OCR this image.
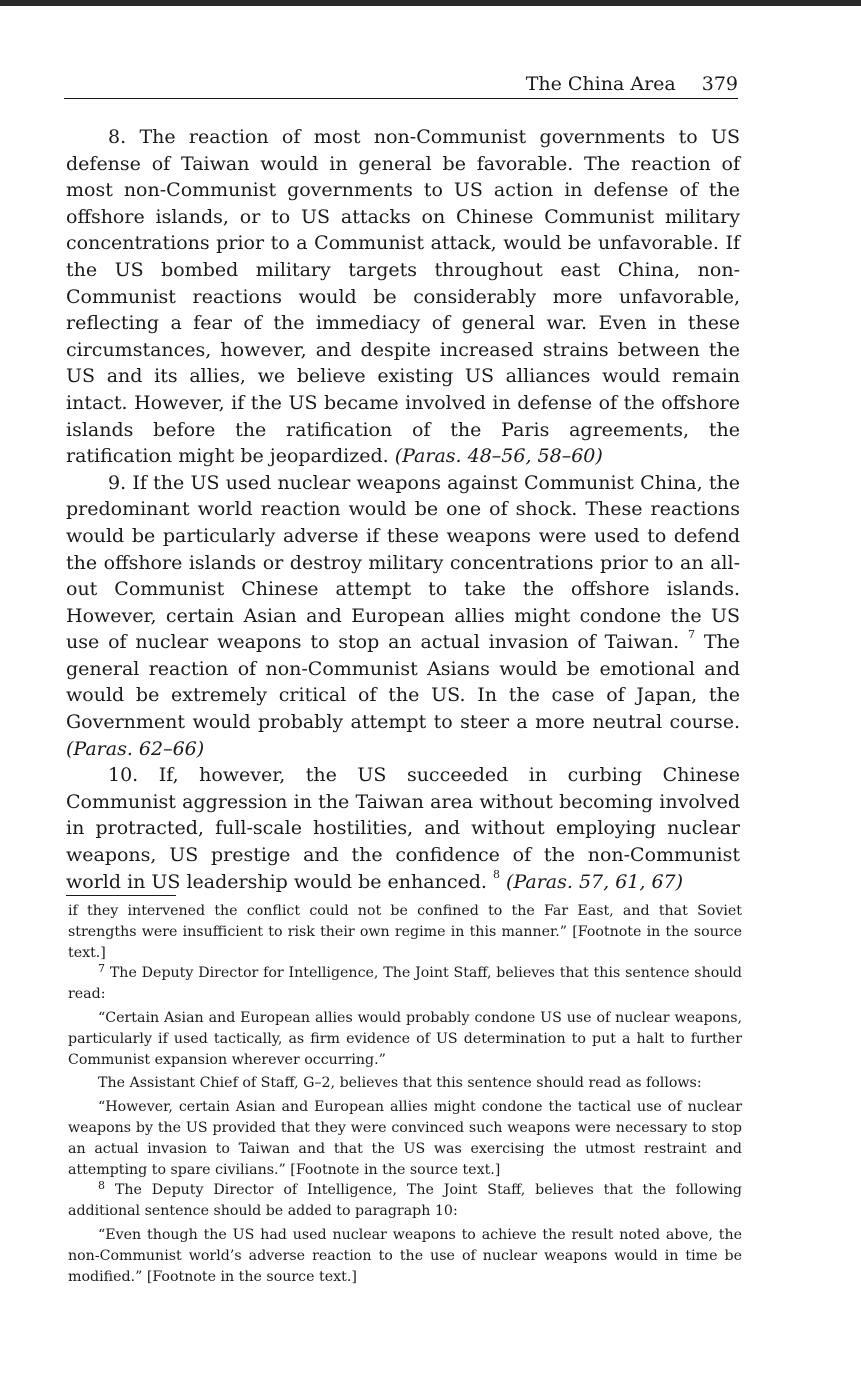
The China Area 379

8. The reaction of most non-Communist governments to US defense of Taiwan would in general be favorable. The reaction of most non-Communist governments to US action in defense of the offshore islands, or to US attacks on Chinese Communist military concentrations prior to a Communist attack, would be unfavorable. If the US bombed military targets throughout east China, non-Communist reactions would be considerably more unfavorable, reflecting a fear of the immediacy of general war. Even in these circumstances, however, and despite increased strains between the US and its allies, we believe existing US alliances would remain intact. However, if the US became involved in defense of the offshore islands before the ratification of the Paris agreements, the ratification might be jeopardized. (Paras. 48–56, 58–60)

9. If the US used nuclear weapons against Communist China, the predominant world reaction would be one of shock. These reactions would be particularly adverse if these weapons were used to defend the offshore islands or destroy military concentrations prior to an all-out Communist Chinese attempt to take the offshore islands. However, certain Asian and European allies might condone the US use of nuclear weapons to stop an actual invasion of Taiwan. $^7$ The general reaction of non-Communist Asians would be emotional and would be extremely critical of the US. In the case of Japan, the Government would probably attempt to steer a more neutral course. (Paras. 62–66)

10. If, however, the US succeeded in curbing Chinese Communist aggression in the Taiwan area without becoming involved in protracted, full-scale hostilities, and without employing nuclear weapons, US prestige and the confidence of the non-Communist world in US leadership would be enhanced. $^8$ (Paras. 57, 61, 67)

if they intervened the conflict could not be confined to the Far East, and that Soviet strengths were insufficient to risk their own regime in this manner.” [Footnote in the source text.]

$^7$ The Deputy Director for Intelligence, The Joint Staff, believes that this sentence should read:

“Certain Asian and European allies would probably condone US use of nuclear weapons, particularly if used tactically, as firm evidence of US determination to put a halt to further Communist expansion wherever occurring.”

The Assistant Chief of Staff, G–2, believes that this sentence should read as follows:

“However, certain Asian and European allies might condone the tactical use of nuclear weapons by the US provided that they were convinced such weapons were necessary to stop an actual invasion to Taiwan and that the US was exercising the utmost restraint and attempting to spare civilians.” [Footnote in the source text.]

$^8$ The Deputy Director of Intelligence, The Joint Staff, believes that the following additional sentence should be added to paragraph 10:

“Even though the US had used nuclear weapons to achieve the result noted above, the non-Communist world’s adverse reaction to the use of nuclear weapons would in time be modified.” [Footnote in the source text.]
